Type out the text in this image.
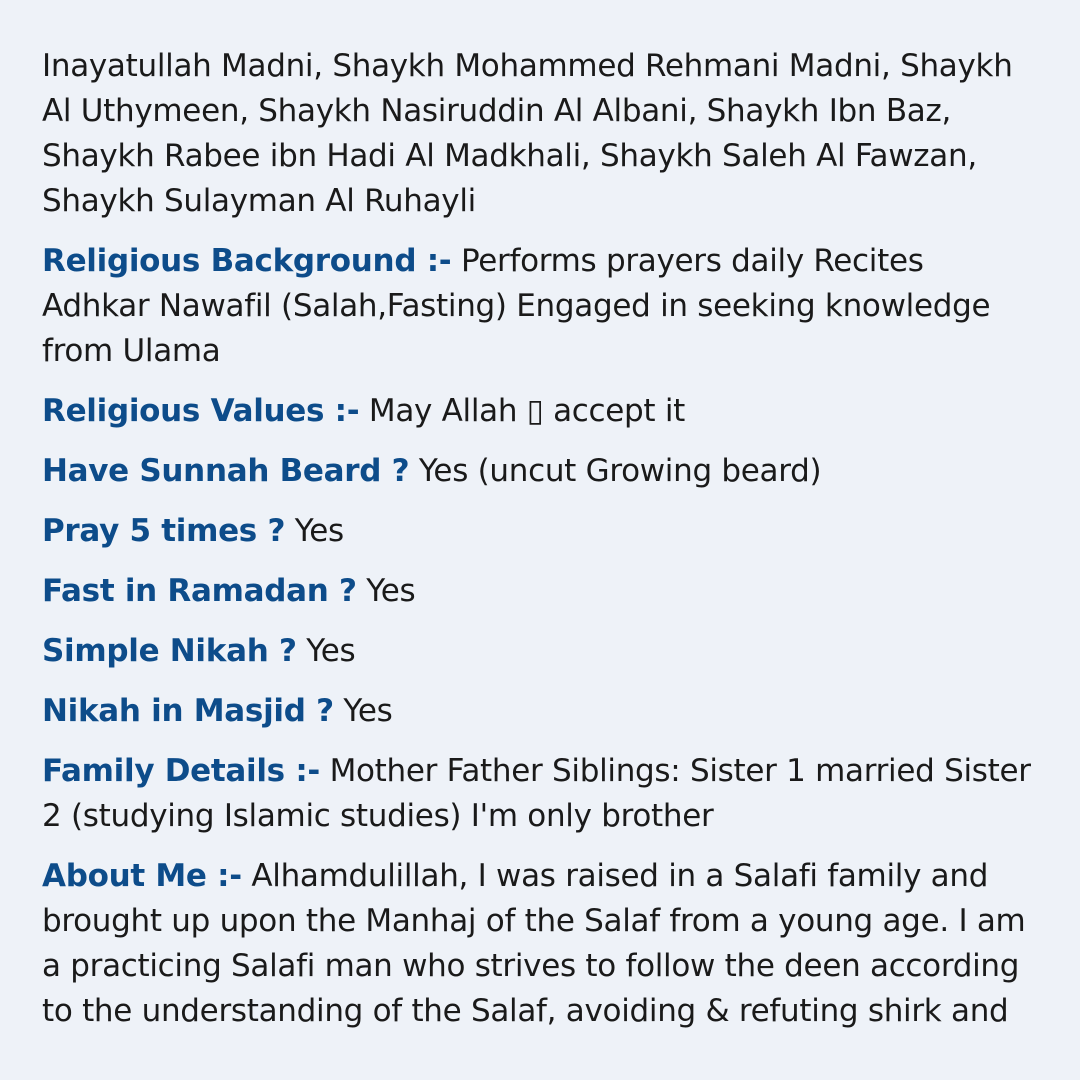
Inayatullah Madni, Shaykh Mohammed Rehmani Madni, Shaykh Al Uthymeen, Shaykh Nasiruddin Al Albani, Shaykh Ibn Baz, Shaykh Rabee ibn Hadi Al Madkhali, Shaykh Saleh Al Fawzan, Shaykh Sulayman Al Ruhayli

Religious Background :- Performs prayers daily Recites Adhkar Nawafil (Salah,Fasting) Engaged in seeking knowledge from Ulama

Religious Values :- May Allah ▯ accept it

Have Sunnah Beard ? Yes (uncut Growing beard)

Pray 5 times ? Yes

Fast in Ramadan ? Yes

Simple Nikah ? Yes

Nikah in Masjid ? Yes

Family Details :- Mother Father Siblings: Sister 1 married Sister 2 (studying Islamic studies) I'm only brother

About Me :- Alhamdulillah, I was raised in a Salafi family and brought up upon the Manhaj of the Salaf from a young age. I am a practicing Salafi man who strives to follow the deen according to the understanding of the Salaf, avoiding & refuting shirk and
